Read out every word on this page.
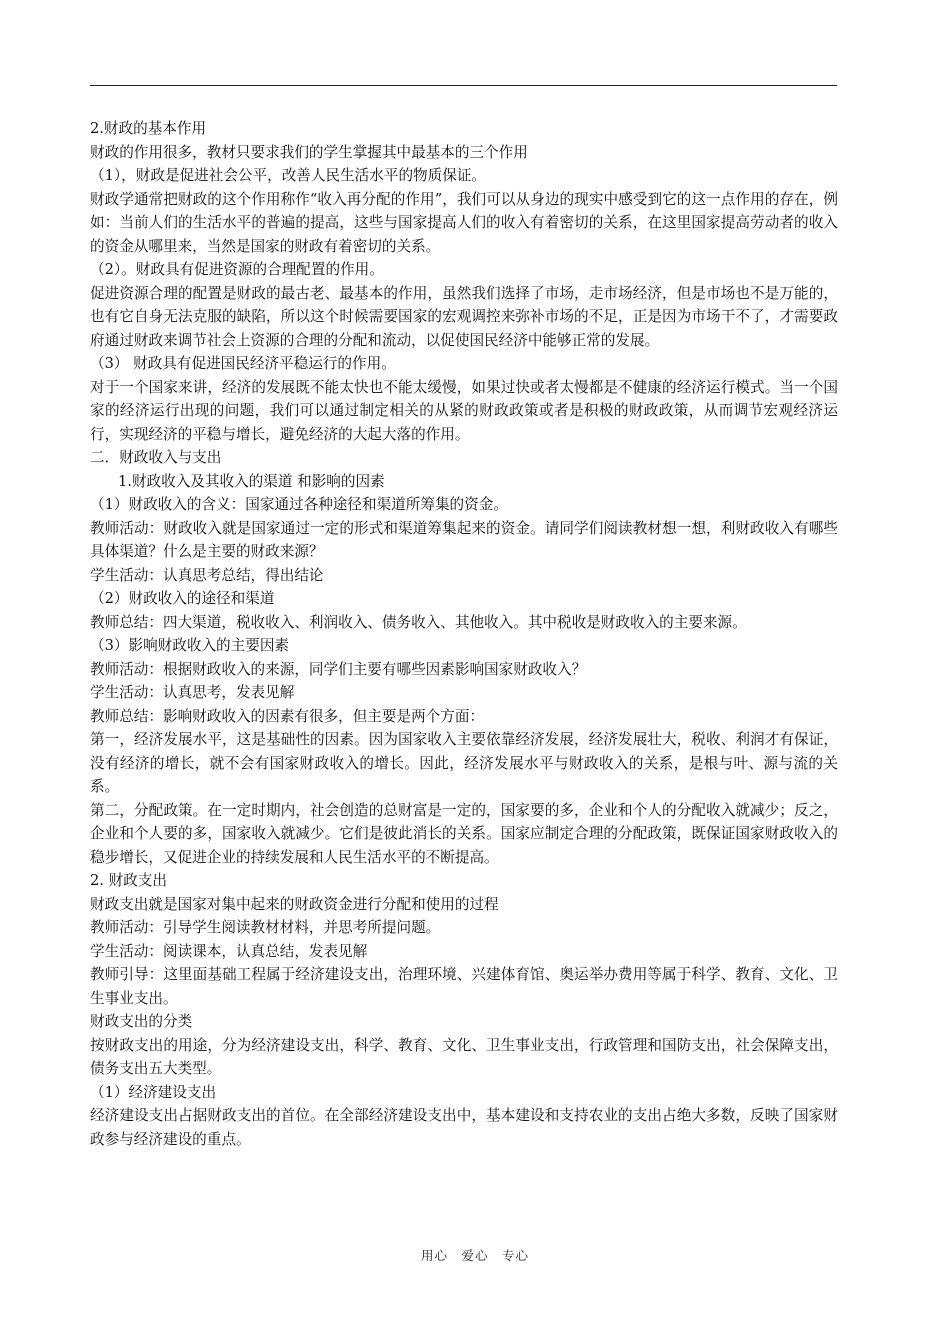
2.财政的基本作用

财政的作用很多，教材只要求我们的学生掌握其中最基本的三个作用

（1），财政是促进社会公平，改善人民生活水平的物质保证。

财政学通常把财政的这个作用称作“收入再分配的作用”，我们可以从身边的现实中感受到它的这一点作用的存在，例如：当前人们的生活水平的普遍的提高，这些与国家提高人们的收入有着密切的关系，在这里国家提高劳动者的收入的资金从哪里来，当然是国家的财政有着密切的关系。

（2）。财政具有促进资源的合理配置的作用。

促进资源合理的配置是财政的最古老、最基本的作用，虽然我们选择了市场，走市场经济，但是市场也不是万能的，也有它自身无法克服的缺陷，所以这个时候需要国家的宏观调控来弥补市场的不足，正是因为市场干不了，才需要政府通过财政来调节社会上资源的合理的分配和流动，以促使国民经济中能够正常的发展。

（3） 财政具有促进国民经济平稳运行的作用。

对于一个国家来讲，经济的发展既不能太快也不能太缓慢，如果过快或者太慢都是不健康的经济运行模式。当一个国家的经济运行出现的问题，我们可以通过制定相关的从紧的财政政策或者是积极的财政政策，从而调节宏观经济运行，实现经济的平稳与增长，避免经济的大起大落的作用。

二．财政收入与支出

1.财政收入及其收入的渠道 和影响的因素

（1）财政收入的含义：国家通过各种途径和渠道所筹集的资金。

教师活动：财政收入就是国家通过一定的形式和渠道筹集起来的资金。请同学们阅读教材想一想，利财政收入有哪些具体渠道？什么是主要的财政来源？

学生活动：认真思考总结，得出结论

（2）财政收入的途径和渠道

教师总结：四大渠道，税收收入、利润收入、债务收入、其他收入。其中税收是财政收入的主要来源。

（3）影响财政收入的主要因素

教师活动：根据财政收入的来源，同学们主要有哪些因素影响国家财政收入？

学生活动：认真思考，发表见解

教师总结：影响财政收入的因素有很多，但主要是两个方面：

第一，经济发展水平，这是基础性的因素。因为国家收入主要依靠经济发展，经济发展壮大，税收、利润才有保证，没有经济的增长，就不会有国家财政收入的增长。因此，经济发展水平与财政收入的关系，是根与叶、源与流的关系。

第二，分配政策。在一定时期内，社会创造的总财富是一定的，国家要的多，企业和个人的分配收入就减少；反之，企业和个人要的多，国家收入就减少。它们是彼此消长的关系。国家应制定合理的分配政策，既保证国家财政收入的稳步增长，又促进企业的持续发展和人民生活水平的不断提高。

2. 财政支出

财政支出就是国家对集中起来的财政资金进行分配和使用的过程

教师活动：引导学生阅读教材材料，并思考所提问题。

学生活动：阅读课本，认真总结，发表见解

教师引导：这里面基础工程属于经济建设支出，治理环境、兴建体育馆、奥运举办费用等属于科学、教育、文化、卫生事业支出。

财政支出的分类

按财政支出的用途，分为经济建设支出，科学、教育、文化、卫生事业支出，行政管理和国防支出，社会保障支出，债务支出五大类型。

（1）经济建设支出

经济建设支出占据财政支出的首位。在全部经济建设支出中，基本建设和支持农业的支出占绝大多数，反映了国家财政参与经济建设的重点。

用心　爱心　专心
